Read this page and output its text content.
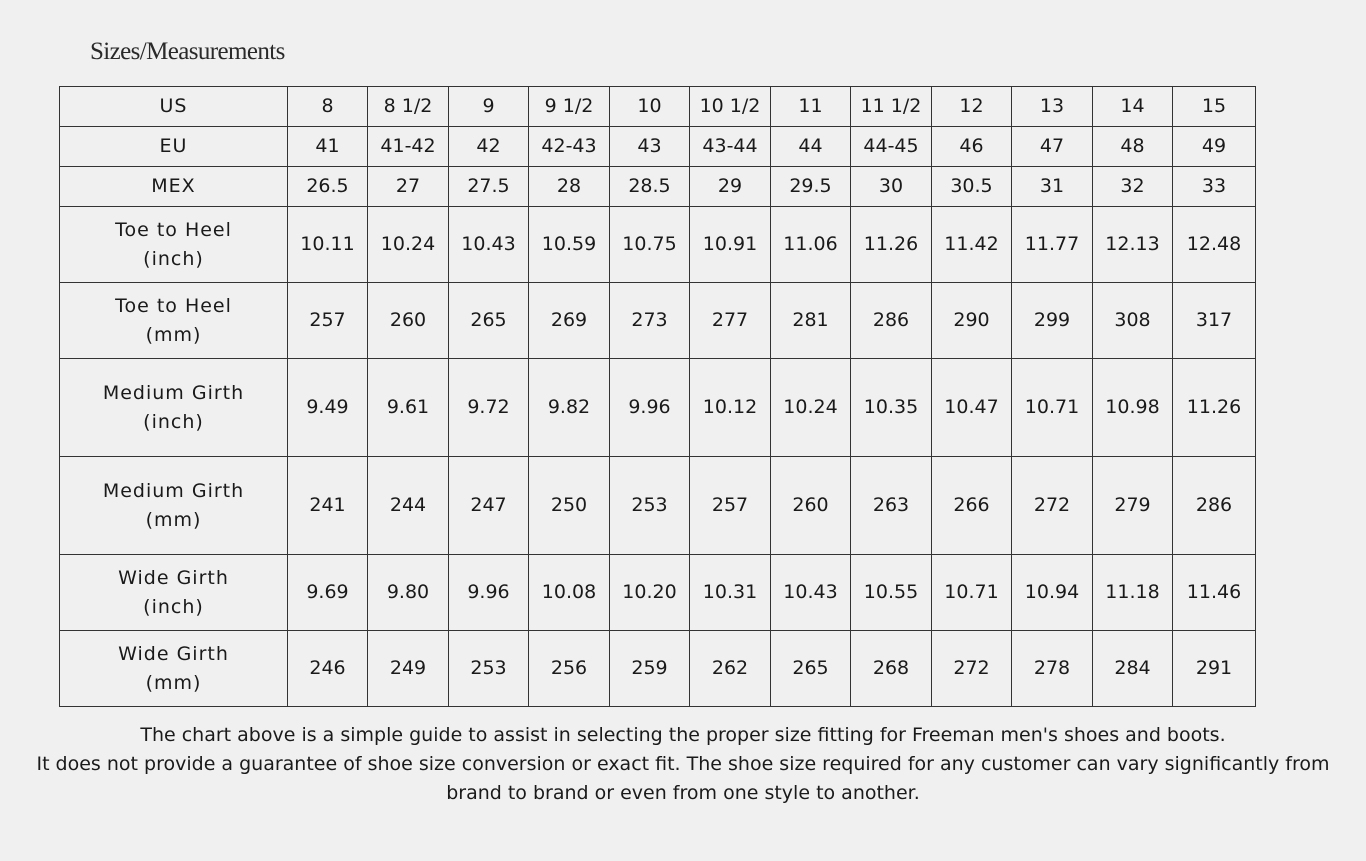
Sizes/Measurements
US	8	8 1/2	9	9 1/2	10	10 1/2	11	11 1/2	12	13	14	15

EU	41	41-42	42	42-43	43	43-44	44	44-45	46	47	48	49

MEX	26.5	27	27.5	28	28.5	29	29.5	30	30.5	31	32	33

Toe to Heel
(inch)	10.11	10.24	10.43	10.59	10.75	10.91	11.06	11.26	11.42	11.77	12.13	12.48

Toe to Heel
(mm)	257	260	265	269	273	277	281	286	290	299	308	317

Medium Girth
(inch)	9.49	9.61	9.72	9.82	9.96	10.12	10.24	10.35	10.47	10.71	10.98	11.26

Medium Girth
(mm)	241	244	247	250	253	257	260	263	266	272	279	286

Wide Girth
(inch)	9.69	9.80	9.96	10.08	10.20	10.31	10.43	10.55	10.71	10.94	11.18	11.46

Wide Girth
(mm)	246	249	253	256	259	262	265	268	272	278	284	291
The chart above is a simple guide to assist in selecting the proper size fitting for Freeman men's shoes and boots.
It does not provide a guarantee of shoe size conversion or exact fit. The shoe size required for any customer can vary significantly from
brand to brand or even from one style to another.
